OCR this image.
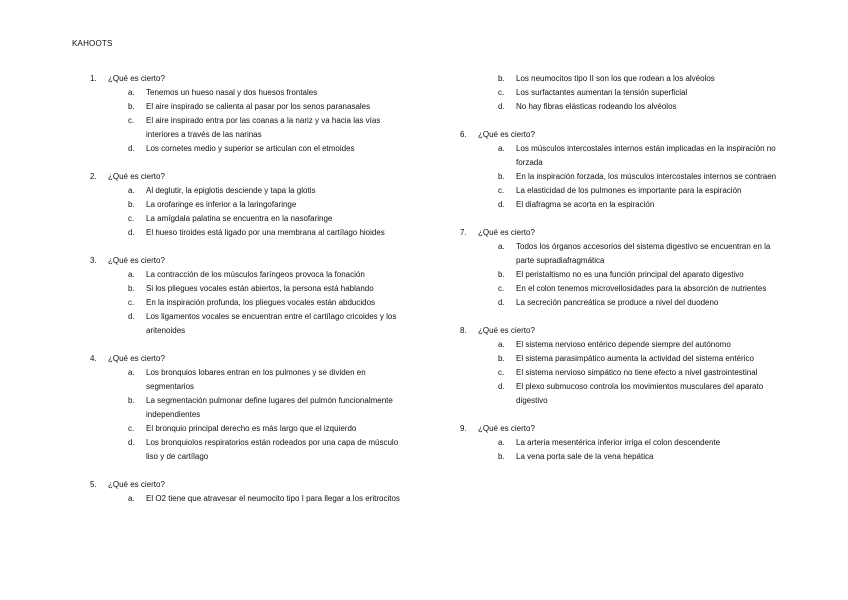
KAHOOTS
1.	¿Qué es cierto?
a.	Tenemos un hueso nasal y dos huesos frontales
b.	El aire inspirado se calienta al pasar por los senos paranasales
c.	El aire inspirado entra por las coanas a la nariz y va hacia las vías interiores a través de las narinas
d.	Los cornetes medio y superior se articulan con el etmoides
2.	¿Qué es cierto?
a.	Al deglutir, la epiglotis desciende y tapa la glotis
b.	La orofaringe es inferior a la laringofaringe
c.	La amígdala palatina se encuentra en la nasofaringe
d.	El hueso tiroides está ligado por una membrana al cartílago hioides
3.	¿Qué es cierto?
a.	La contracción de los músculos faríngeos provoca la fonación
b.	Si los pliegues vocales están abiertos, la persona está hablando
c.	En la inspiración profunda, los pliegues vocales están abducidos
d.	Los ligamentos vocales se encuentran entre el cartílago cricoides y los aritenoides
4.	¿Qué es cierto?
a.	Los bronquios lobares entran en los pulmones y se dividen en segmentarios
b.	La segmentación pulmonar define lugares del pulmón funcionalmente independientes
c.	El bronquio principal derecho es más largo que el izquierdo
d.	Los bronquiolos respiratorios están rodeados por una capa de músculo liso y de cartílago
5.	¿Qué es cierto?
a.	El O2 tiene que atravesar el neumocito tipo I para llegar a los eritrocitos
b.	Los neumocitos tipo II son los que rodean a los alvéolos
c.	Los surfactantes aumentan la tensión superficial
d.	No hay fibras elásticas rodeando los alvéolos
6.	¿Qué es cierto?
a.	Los músculos intercostales internos están implicadas en la inspiración no forzada
b.	En la inspiración forzada, los músculos intercostales internos se contraen
c.	La elasticidad de los pulmones es importante para la espiración
d.	El diafragma se acorta en la espiración
7.	¿Qué es cierto?
a.	Todos los órganos accesorios del sistema digestivo se encuentran en la parte supradiafragmática
b.	El peristaltismo no es una función principal del aparato digestivo
c.	En el colon tenemos microvellosidades para la absorción de nutrientes
d.	La secreción pancreática se produce a nivel del duodeno
8.	¿Qué es cierto?
a.	El sistema nervioso entérico depende siempre del autónomo
b.	El sistema parasimpático aumenta la actividad del sistema entérico
c.	El sistema nervioso simpático no tiene efecto a nivel gastrointestinal
d.	El plexo submucoso controla los movimientos musculares del aparato digestivo
9.	¿Qué es cierto?
a.	La arteria mesentérica inferior irriga el colon descendente
b.	La vena porta sale de la vena hepática
